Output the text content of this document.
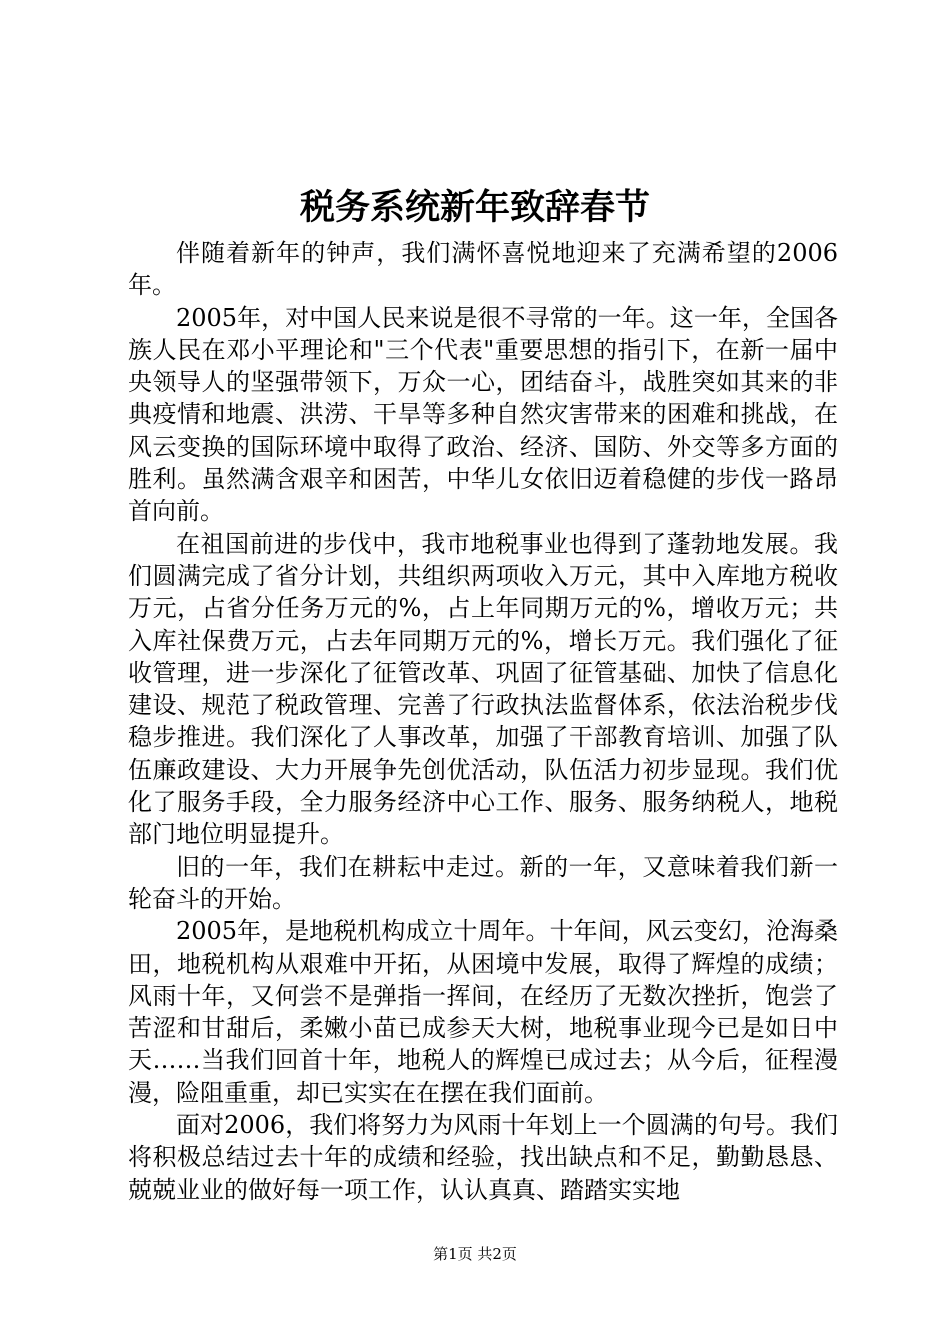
税务系统新年致辞春节

伴随着新年的钟声，我们满怀喜悦地迎来了充满希望的2006年。

2005年，对中国人民来说是很不寻常的一年。这一年，全国各族人民在邓小平理论和"三个代表"重要思想的指引下，在新一届中央领导人的坚强带领下，万众一心，团结奋斗，战胜突如其来的非典疫情和地震、洪涝、干旱等多种自然灾害带来的困难和挑战，在风云变换的国际环境中取得了政治、经济、国防、外交等多方面的胜利。虽然满含艰辛和困苦，中华儿女依旧迈着稳健的步伐一路昂首向前。

在祖国前进的步伐中，我市地税事业也得到了蓬勃地发展。我们圆满完成了省分计划，共组织两项收入万元，其中入库地方税收万元，占省分任务万元的%，占上年同期万元的%，增收万元；共入库社保费万元，占去年同期万元的%，增长万元。我们强化了征收管理，进一步深化了征管改革、巩固了征管基础、加快了信息化建设、规范了税政管理、完善了行政执法监督体系，依法治税步伐稳步推进。我们深化了人事改革，加强了干部教育培训、加强了队伍廉政建设、大力开展争先创优活动，队伍活力初步显现。我们优化了服务手段，全力服务经济中心工作、服务、服务纳税人，地税部门地位明显提升。

旧的一年，我们在耕耘中走过。新的一年，又意味着我们新一轮奋斗的开始。

2005年，是地税机构成立十周年。十年间，风云变幻，沧海桑田，地税机构从艰难中开拓，从困境中发展，取得了辉煌的成绩；风雨十年，又何尝不是弹指一挥间，在经历了无数次挫折，饱尝了苦涩和甘甜后，柔嫩小苗已成参天大树，地税事业现今已是如日中天……当我们回首十年，地税人的辉煌已成过去；从今后，征程漫漫，险阻重重，却已实实在在摆在我们面前。

面对2006，我们将努力为风雨十年划上一个圆满的句号。我们将积极总结过去十年的成绩和经验，找出缺点和不足，勤勤恳恳、兢兢业业的做好每一项工作，认认真真、踏踏实实地

第1页 共2页
